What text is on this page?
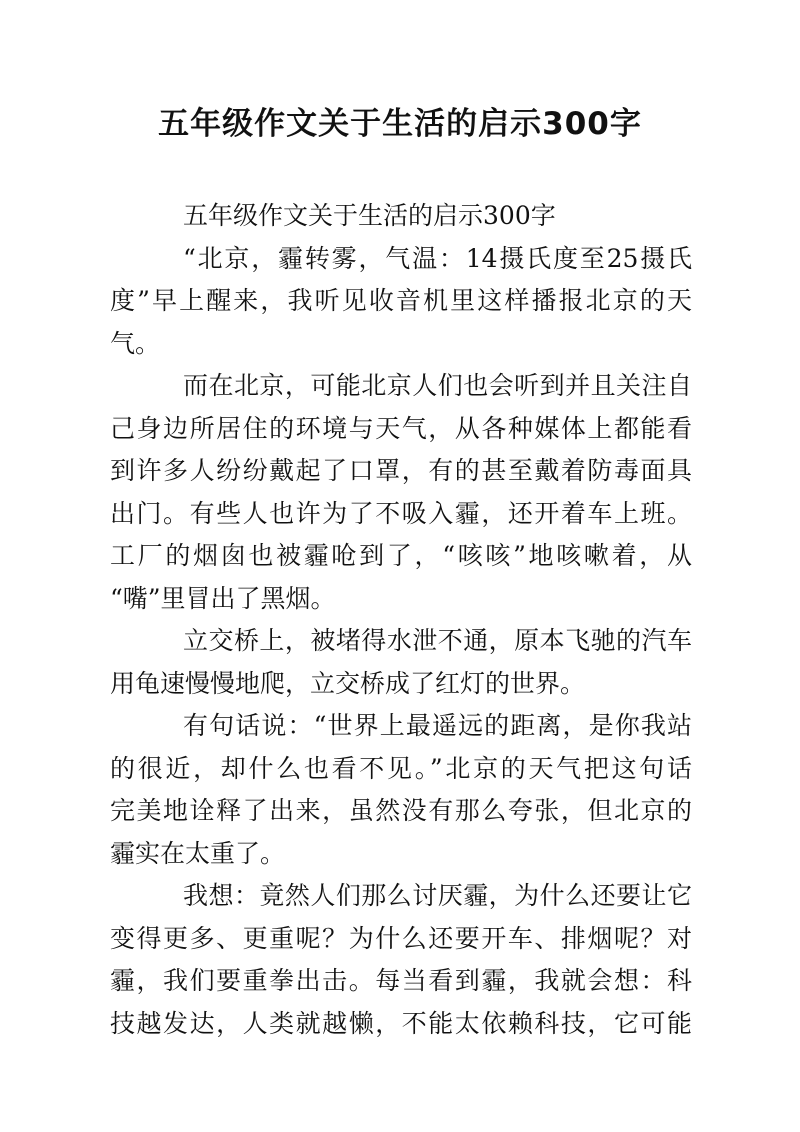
五年级作文关于生活的启示300字
五年级作文关于生活的启示300字
“北京，霾转雾，气温：14摄氏度至25摄氏
度”早上醒来，我听见收音机里这样播报北京的天
气。
而在北京，可能北京人们也会听到并且关注自
己身边所居住的环境与天气，从各种媒体上都能看
到许多人纷纷戴起了口罩，有的甚至戴着防毒面具
出门。有些人也许为了不吸入霾，还开着车上班。
工厂的烟囱也被霾呛到了，“咳咳”地咳嗽着，从
“嘴”里冒出了黑烟。
立交桥上，被堵得水泄不通，原本飞驰的汽车
用龟速慢慢地爬，立交桥成了红灯的世界。
有句话说：“世界上最遥远的距离，是你我站
的很近，却什么也看不见。”北京的天气把这句话
完美地诠释了出来，虽然没有那么夸张，但北京的
霾实在太重了。
我想：竟然人们那么讨厌霾，为什么还要让它
变得更多、更重呢？为什么还要开车、排烟呢？对
霾，我们要重拳出击。每当看到霾，我就会想：科
技越发达，人类就越懒，不能太依赖科技，它可能
